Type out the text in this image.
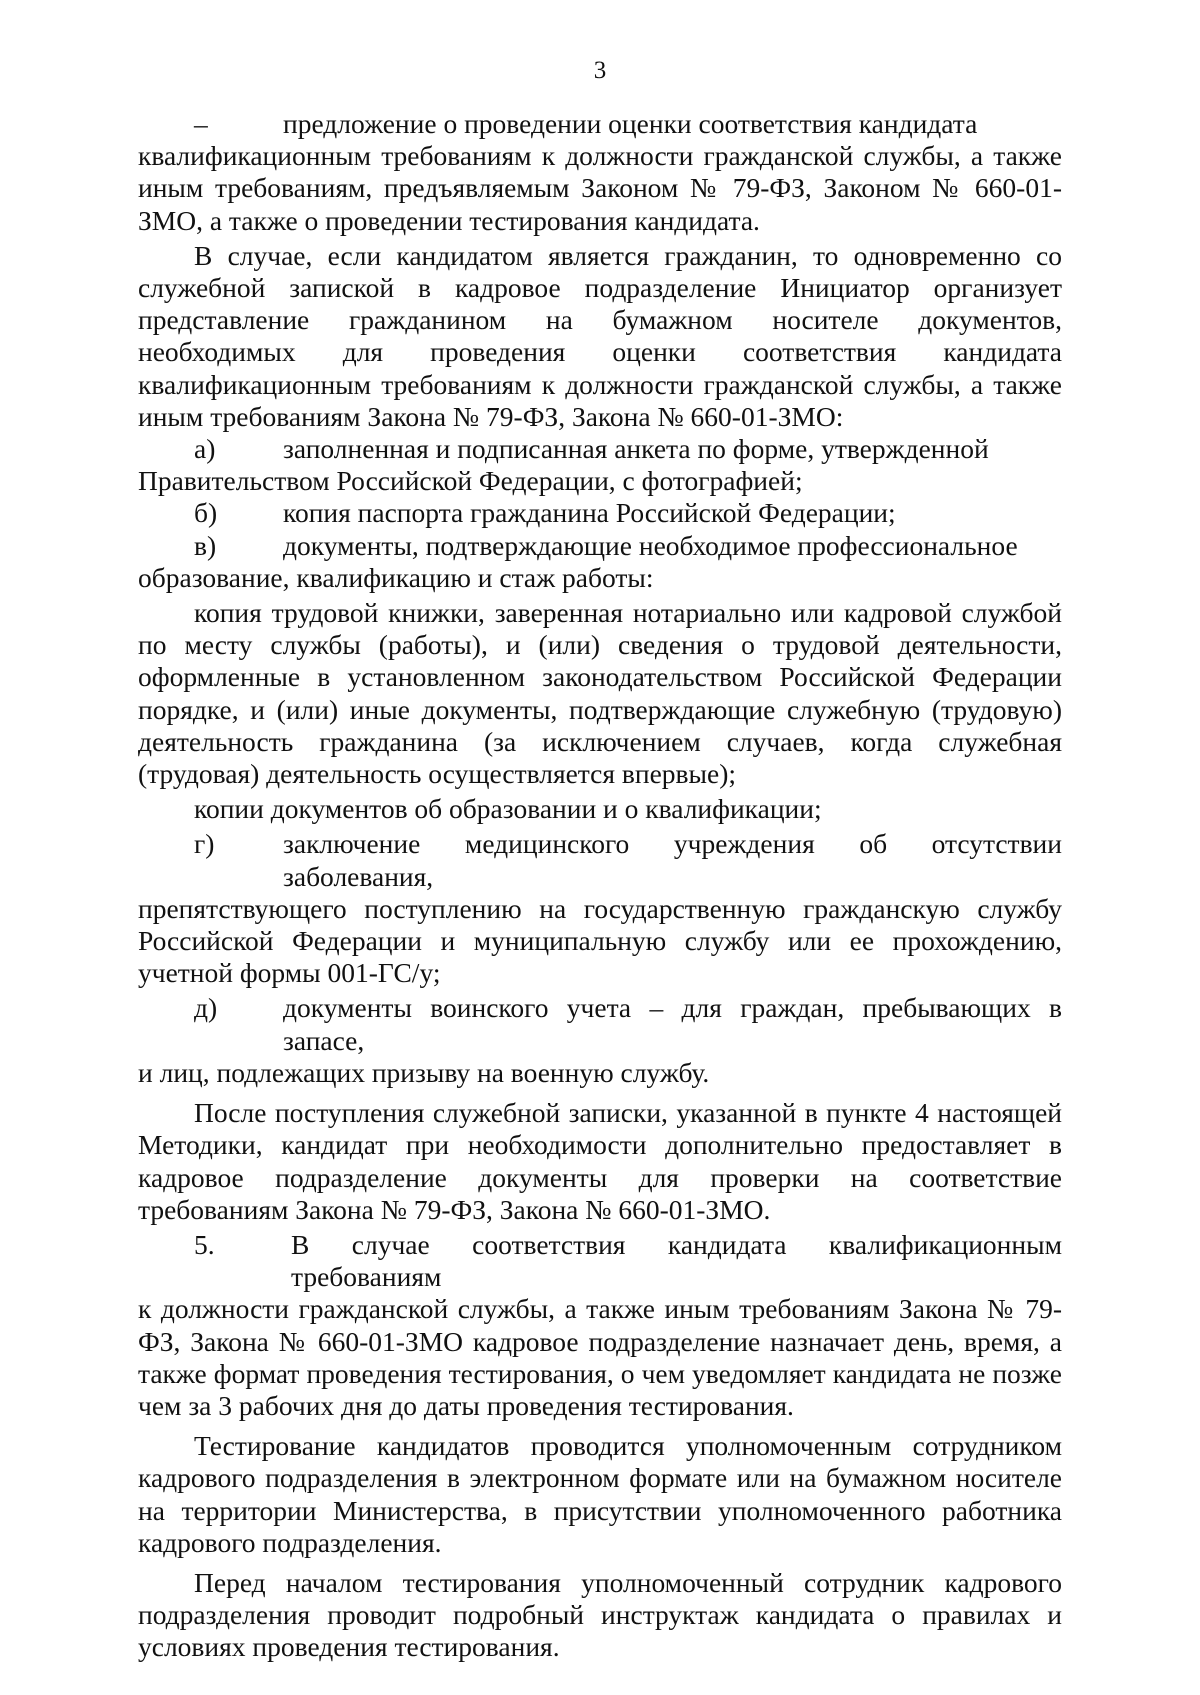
3
–	предложение о проведении оценки соответствия кандидата

квалификационным требованиям к должности гражданской службы, а также иным требованиям, предъявляемым Законом № 79-ФЗ, Законом № 660-01-ЗМО, а также о проведении тестирования кандидата.

В случае, если кандидатом является гражданин, то одновременно со служебной запиской в кадровое подразделение Инициатор организует представление гражданином на бумажном носителе документов, необходимых для проведения оценки соответствия кандидата квалификационным требованиям к должности гражданской службы, а также иным требованиям Закона № 79-ФЗ, Закона № 660-01-ЗМО:

а)	заполненная и подписанная анкета по форме, утвержденной

Правительством Российской Федерации, с фотографией;

б)	копия паспорта гражданина Российской Федерации;
в)	документы, подтверждающие необходимое профессиональное

образование, квалификацию и стаж работы:

копия трудовой книжки, заверенная нотариально или кадровой службой по месту службы (работы), и (или) сведения о трудовой деятельности, оформленные в установленном законодательством Российской Федерации порядке, и (или) иные документы, подтверждающие служебную (трудовую) деятельность гражданина (за исключением случаев, когда служебная (трудовая) деятельность осуществляется впервые);

копии документов об образовании и о квалификации;

г)	заключение медицинского учреждения об отсутствии заболевания,

препятствующего поступлению на государственную гражданскую службу Российской Федерации и муниципальную службу или ее прохождению, учетной формы 001-ГС/у;

д)	документы воинского учета – для граждан, пребывающих в запасе,

и лиц, подлежащих призыву на военную службу.

После поступления служебной записки, указанной в пункте 4 настоящей Методики, кандидат при необходимости дополнительно предоставляет в кадровое подразделение документы для проверки на соответствие требованиям Закона № 79-ФЗ, Закона № 660-01-ЗМО.

5.	В случае соответствия кандидата квалификационным требованиям

к должности гражданской службы, а также иным требованиям Закона № 79-ФЗ, Закона № 660-01-ЗМО кадровое подразделение назначает день, время, а также формат проведения тестирования, о чем уведомляет кандидата не позже чем за 3 рабочих дня до даты проведения тестирования.

Тестирование кандидатов проводится уполномоченным сотрудником кадрового подразделения в электронном формате или на бумажном носителе на территории Министерства, в присутствии уполномоченного работника кадрового подразделения.

Перед началом тестирования уполномоченный сотрудник кадрового подразделения проводит подробный инструктаж кандидата о правилах и условиях проведения тестирования.
